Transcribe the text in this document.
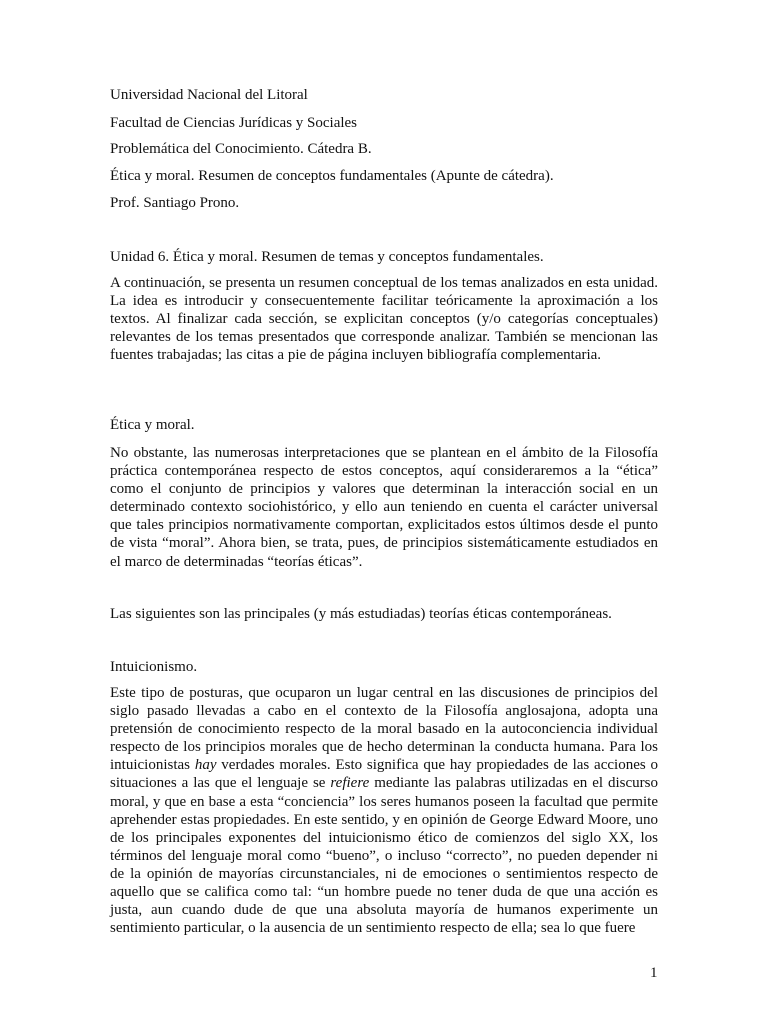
Universidad Nacional del Litoral
Facultad de Ciencias Jurídicas y Sociales
Problemática del Conocimiento. Cátedra B.
Ética y moral. Resumen de conceptos fundamentales (Apunte de cátedra).
Prof. Santiago Prono.
Unidad 6. Ética y moral. Resumen de temas y conceptos fundamentales.

A continuación, se presenta un resumen conceptual de los temas analizados en esta unidad. La idea es introducir y consecuentemente facilitar teóricamente la aproximación a los textos. Al finalizar cada sección, se explicitan conceptos (y/o categorías conceptuales) relevantes de los temas presentados que corresponde analizar. También se mencionan las fuentes trabajadas; las citas a pie de página incluyen bibliografía complementaria.

Ética y moral.

No obstante, las numerosas interpretaciones que se plantean en el ámbito de la Filosofía práctica contemporánea respecto de estos conceptos, aquí consideraremos a la “ética” como el conjunto de principios y valores que determinan la interacción social en un determinado contexto sociohistórico, y ello aun teniendo en cuenta el carácter universal que tales principios normativamente comportan, explicitados estos últimos desde el punto de vista “moral”. Ahora bien, se trata, pues, de principios sistemáticamente estudiados en el marco de determinadas “teorías éticas”.

Las siguientes son las principales (y más estudiadas) teorías éticas contemporáneas.
Intuicionismo.

Este tipo de posturas, que ocuparon un lugar central en las discusiones de principios del siglo pasado llevadas a cabo en el contexto de la Filosofía anglosajona, adopta una pretensión de conocimiento respecto de la moral basado en la autoconciencia individual respecto de los principios morales que de hecho determinan la conducta humana. Para los intuicionistas hay verdades morales. Esto significa que hay propiedades de las acciones o situaciones a las que el lenguaje se refiere mediante las palabras utilizadas en el discurso moral, y que en base a esta “conciencia” los seres humanos poseen la facultad que permite aprehender estas propiedades. En este sentido, y en opinión de George Edward Moore, uno de los principales exponentes del intuicionismo ético de comienzos del siglo XX, los términos del lenguaje moral como “bueno”, o incluso “correcto”, no pueden depender ni de la opinión de mayorías circunstanciales, ni de emociones o sentimientos respecto de aquello que se califica como tal: “un hombre puede no tener duda de que una acción es justa, aun cuando dude de que una absoluta mayoría de humanos experimente un sentimiento particular, o la ausencia de un sentimiento respecto de ella; sea lo que fuere

1
